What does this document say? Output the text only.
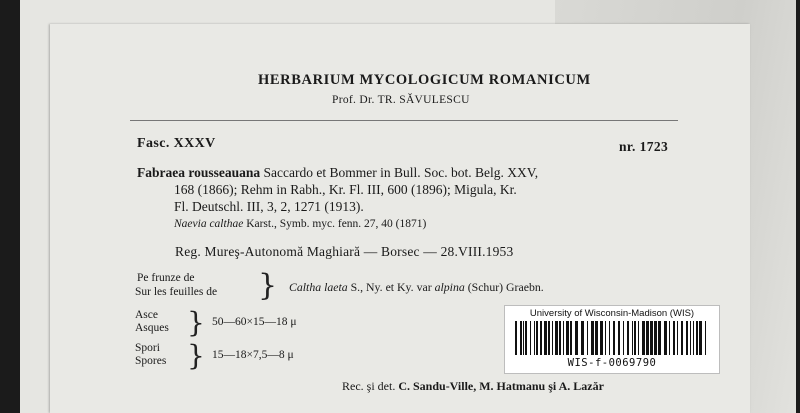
HERBARIUM MYCOLOGICUM ROMANICUM
Prof. Dr. TR. SĂVULESCU
Fasc. XXXV	nr. 1723
Fabraea rousseauana Saccardo et Bommer in Bull. Soc. bot. Belg. XXV,
168 (1866); Rehm in Rabh., Kr. Fl. III, 600 (1896); Migula, Kr.
Fl. Deutschl. III, 3, 2, 1271 (1913).
Naevia calthae Karst., Symb. myc. fenn. 27, 40 (1871)
Reg. Mureş-Autonomă Maghiară — Borsec — 28.VIII.1953
Pe frunze de
Sur les feuilles de } Caltha laeta S., Ny. et Ky. var alpina (Schur) Graebn.
Asce
Asques } 50—60×15—18 μ
Spori
Spores } 15—18×7,5—8 μ
Rec. şi det. C. Sandu-Ville, M. Hatmanu şi A. Lazăr
University of Wisconsin-Madison (WIS)
WIS-f-0069790
